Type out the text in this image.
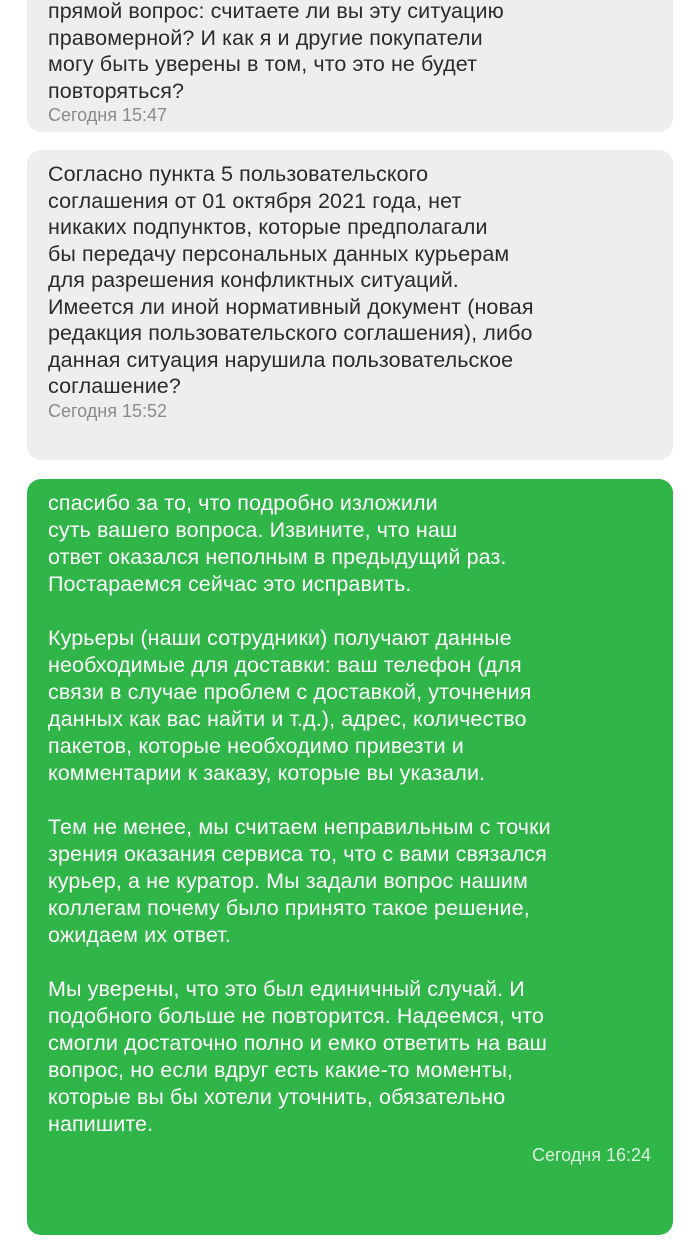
прямой вопрос: считаете ли вы эту ситуацию
правомерной? И как я и другие покупатели
могу быть уверены в том, что это не будет
повторяться?
Сегодня 15:47
Согласно пункта 5 пользовательского
соглашения от 01 октября 2021 года, нет
никаких подпунктов, которые предполагали
бы передачу персональных данных курьерам
для разрешения конфликтных ситуаций.
Имеется ли иной нормативный документ (новая
редакция пользовательского соглашения), либо
данная ситуация нарушила пользовательское
соглашение?
Сегодня 15:52
спасибо за то, что подробно изложили
суть вашего вопроса. Извините, что наш
ответ оказался неполным в предыдущий раз.
Постараемся сейчас это исправить.

Курьеры (наши сотрудники) получают данные
необходимые для доставки: ваш телефон (для
связи в случае проблем с доставкой, уточнения
данных как вас найти и т.д.), адрес, количество
пакетов, которые необходимо привезти и
комментарии к заказу, которые вы указали.

Тем не менее, мы считаем неправильным с точки
зрения оказания сервиса то, что с вами связался
курьер, а не куратор. Мы задали вопрос нашим
коллегам почему было принято такое решение,
ожидаем их ответ.

Мы уверены, что это был единичный случай. И
подобного больше не повторится. Надеемся, что
смогли достаточно полно и емко ответить на ваш
вопрос, но если вдруг есть какие-то моменты,
которые вы бы хотели уточнить, обязательно
напишите.
Сегодня 16:24
